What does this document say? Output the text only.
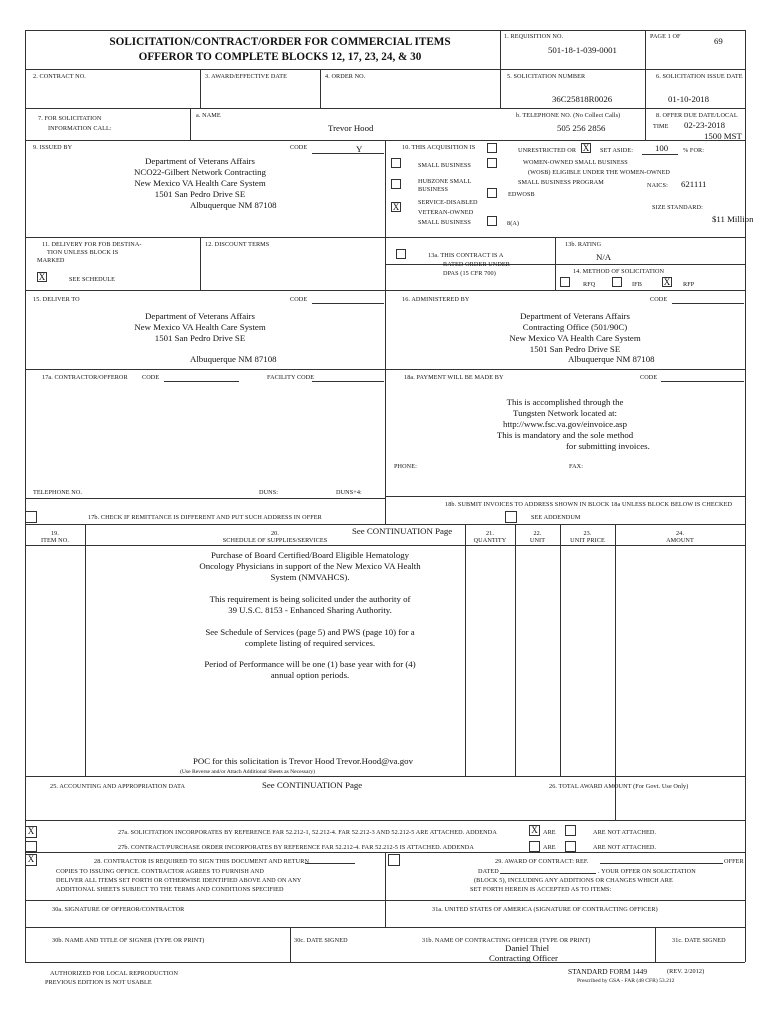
SOLICITATION/CONTRACT/ORDER FOR COMMERCIAL ITEMS
OFFEROR TO COMPLETE BLOCKS 12, 17, 23, 24, & 30
1. REQUISITION NO.
501-18-1-039-0001
PAGE 1 OF	69
2. CONTRACT NO.	3. AWARD/EFFECTIVE DATE	4. ORDER NO.	5. SOLICITATION NUMBER
36C25818R0026
6. SOLICITATION ISSUE DATE
01-10-2018
7. FOR SOLICITATION
INFORMATION CALL:
a. NAME
Trevor Hood
b. TELEPHONE NO. (No Collect Calls)
505 256 2856
8. OFFER DUE DATE/LOCAL
TIME 02-23-2018
1500 MST
9. ISSUED BY	CODE	Y
Department of Veterans Affairs
NCO22-Gilbert Network Contracting
New Mexico VA Health Care System
1501 San Pedro Drive SE
Albuquerque NM 87108
10. THIS ACQUISITION IS	UNRESTRICTED OR X SET ASIDE: 100 % FOR:
SMALL BUSINESS	WOMEN-OWNED SMALL BUSINESS
(WOSB) ELIGIBLE UNDER THE WOMEN-OWNED
SMALL BUSINESS PROGRAM
HUBZONE SMALL
BUSINESS
EDWOSB
NAICS: 621111
X	SERVICE-DISABLED
VETERAN-OWNED
SMALL BUSINESS	8(A)
SIZE STANDARD:
$11 Million
11. DELIVERY FOR FOB DESTINA-
TION UNLESS BLOCK IS
MARKED
X	SEE SCHEDULE
12. DISCOUNT TERMS
13a. THIS CONTRACT IS A
RATED ORDER UNDER
DPAS (15 CFR 700)
13b. RATING
N/A
14. METHOD OF SOLICITATION
RFQ	IFB X RFP
15. DELIVER TO	CODE
Department of Veterans Affairs
New Mexico VA Health Care System
1501 San Pedro Drive SE
Albuquerque NM 87108
16. ADMINISTERED BY	CODE
Department of Veterans Affairs
Contracting Office (501/90C)
New Mexico VA Health Care System
1501 San Pedro Drive SE
Albuquerque NM 87108
17a. CONTRACTOR/OFFEROR CODE	FACILITY CODE
TELEPHONE NO.	DUNS:	DUNS+4:
17b. CHECK IF REMITTANCE IS DIFFERENT AND PUT SUCH ADDRESS IN OFFER
18a. PAYMENT WILL BE MADE BY	CODE
This is accomplished through the
Tungsten Network located at:
http://www.fsc.va.gov/einvoice.asp
This is mandatory and the sole method
for submitting invoices.
PHONE:	FAX:
18b. SUBMIT INVOICES TO ADDRESS SHOWN IN BLOCK 18a UNLESS BLOCK BELOW IS CHECKED
SEE ADDENDUM
19.
ITEM NO.
20.
SCHEDULE OF SUPPLIES/SERVICES
See CONTINUATION Page	21.
QUANTITY
22.
UNIT
23.
UNIT PRICE
24.
AMOUNT
Purchase of Board Certified/Board Eligible Hematology
Oncology Physicians in support of the New Mexico VA Health
System (NMVAHCS).
This requirement is being solicited under the authority of
39 U.S.C. 8153 - Enhanced Sharing Authority.
See Schedule of Services (page 5) and PWS (page 10) for a
complete listing of required services.
Period of Performance will be one (1) base year with for (4)
annual option periods.
POC for this solicitation is Trevor Hood Trevor.Hood@va.gov
(Use Reverse and/or Attach Additional Sheets as Necessary)
25. ACCOUNTING AND APPROPRIATION DATA	See CONTINUATION Page	26. TOTAL AWARD AMOUNT (For Govt. Use Only)
X	27a. SOLICITATION INCORPORATES BY REFERENCE FAR 52.212-1, 52.212-4. FAR 52.212-3 AND 52.212-5 ARE ATTACHED. ADDENDA	X ARE	ARE NOT ATTACHED.
27b. CONTRACT/PURCHASE ORDER INCORPORATES BY REFERENCE FAR 52.212-4. FAR 52.212-5 IS ATTACHED. ADDENDA	ARE	ARE NOT ATTACHED.
X	28. CONTRACTOR IS REQUIRED TO SIGN THIS DOCUMENT AND RETURN
COPIES TO ISSUING OFFICE. CONTRACTOR AGREES TO FURNISH AND
DELIVER ALL ITEMS SET FORTH OR OTHERWISE IDENTIFIED ABOVE AND ON ANY
ADDITIONAL SHEETS SUBJECT TO THE TERMS AND CONDITIONS SPECIFIED
29. AWARD OF CONTRACT: REF.	OFFER
DATED	. YOUR OFFER ON SOLICITATION
(BLOCK 5), INCLUDING ANY ADDITIONS OR CHANGES WHICH ARE
SET FORTH HEREIN IS ACCEPTED AS TO ITEMS:
30a. SIGNATURE OF OFFEROR/CONTRACTOR	31a. UNITED STATES OF AMERICA (SIGNATURE OF CONTRACTING OFFICER)
30b. NAME AND TITLE OF SIGNER (TYPE OR PRINT)	30c. DATE SIGNED	31b. NAME OF CONTRACTING OFFICER (TYPE OR PRINT)
Daniel Thiel
Contracting Officer
31c. DATE SIGNED
AUTHORIZED FOR LOCAL REPRODUCTION
PREVIOUS EDITION IS NOT USABLE
STANDARD FORM 1449	(REV. 2/2012)
Prescribed by GSA - FAR (48 CFR) 53.212
